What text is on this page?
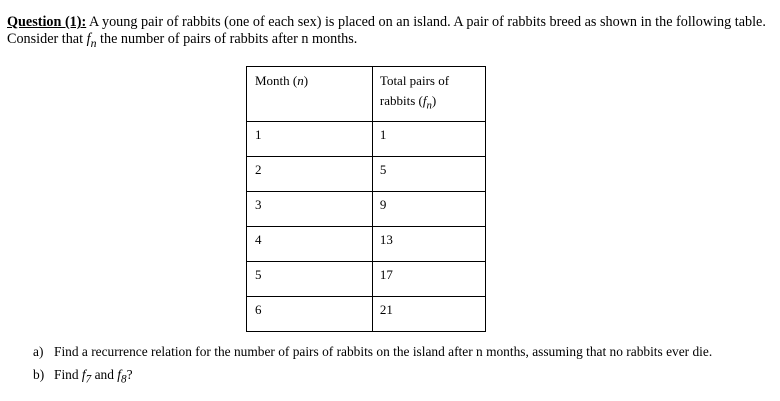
Question (1): A young pair of rabbits (one of each sex) is placed on an island. A pair of rabbits breed as shown in the following table. Consider that $f_n$ the number of pairs of rabbits after n months.
Month (n)	Total pairs of rabbits $(f_n)$
1	1
2	5
3	9
4	13
5	17
6	21
a) Find a recurrence relation for the number of pairs of rabbits on the island after n months, assuming that no rabbits ever die.
b) Find $f_7$ and $f_8$?
